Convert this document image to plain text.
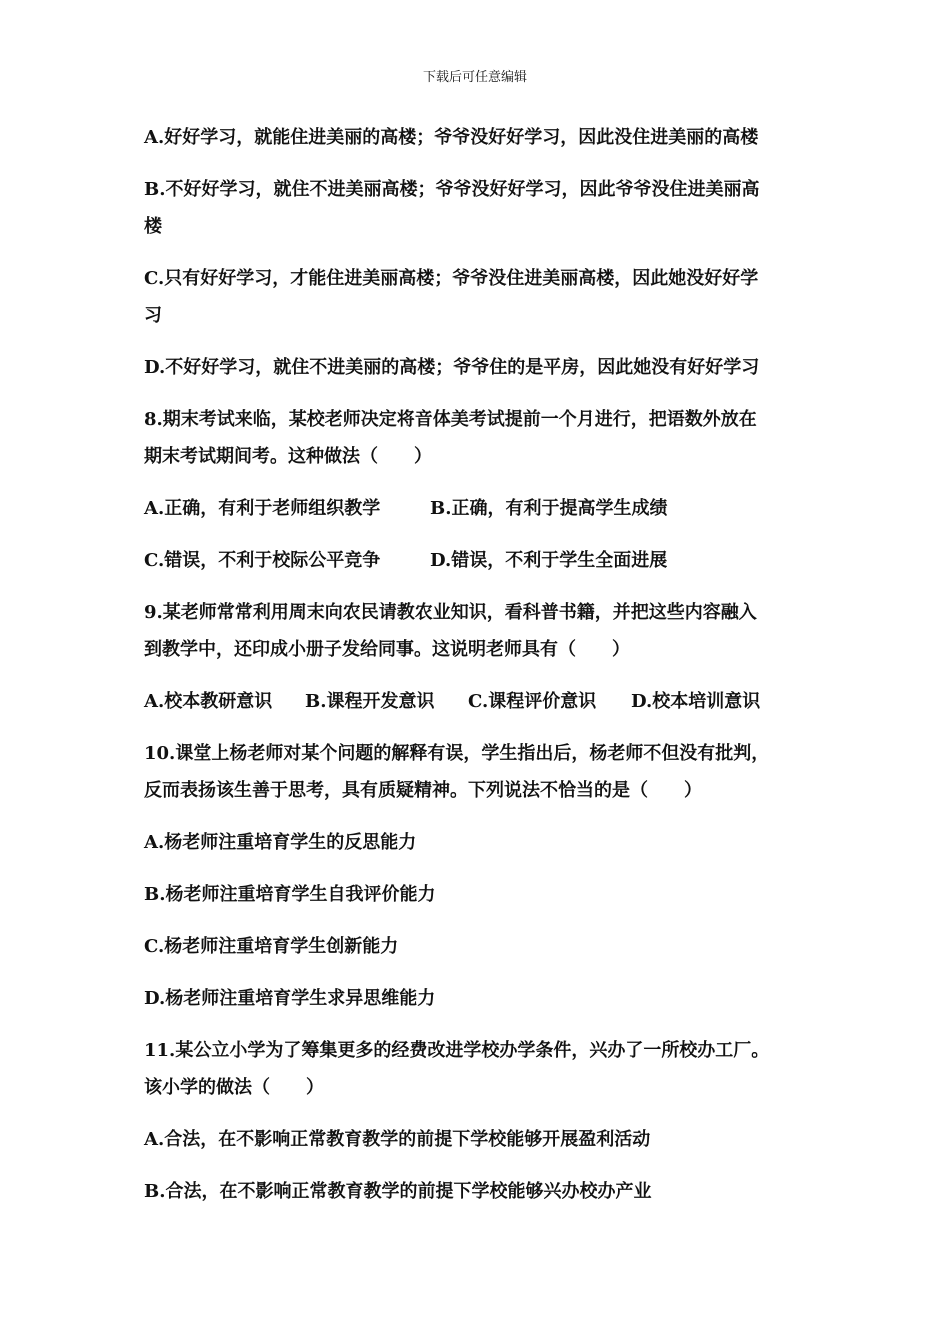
下载后可任意编辑
A.好好学习，就能住进美丽的高楼；爷爷没好好学习，因此没住进美丽的高楼
B.不好好学习，就住不进美丽高楼；爷爷没好好学习，因此爷爷没住进美丽高
楼
C.只有好好学习，才能住进美丽高楼；爷爷没住进美丽高楼，因此她没好好学
习
D.不好好学习，就住不进美丽的高楼；爷爷住的是平房，因此她没有好好学习
8.期末考试来临，某校老师决定将音体美考试提前一个月进行，把语数外放在
期末考试期间考。这种做法（　　）
A.正确，有利于老师组织教学	B.正确，有利于提高学生成绩
C.错误，不利于校际公平竞争	D.错误，不利于学生全面进展
9.某老师常常利用周末向农民请教农业知识，看科普书籍，并把这些内容融入
到教学中，还印成小册子发给同事。这说明老师具有（　　）
A.校本教研意识 B.课程开发意识 C.课程评价意识 D.校本培训意识
10.课堂上杨老师对某个问题的解释有误，学生指出后，杨老师不但没有批判，
反而表扬该生善于思考，具有质疑精神。下列说法不恰当的是（　　）
A.杨老师注重培育学生的反思能力
B.杨老师注重培育学生自我评价能力
C.杨老师注重培育学生创新能力
D.杨老师注重培育学生求异思维能力
11.某公立小学为了筹集更多的经费改进学校办学条件，兴办了一所校办工厂。
该小学的做法（　　）
A.合法，在不影响正常教育教学的前提下学校能够开展盈利活动
B.合法，在不影响正常教育教学的前提下学校能够兴办校办产业
